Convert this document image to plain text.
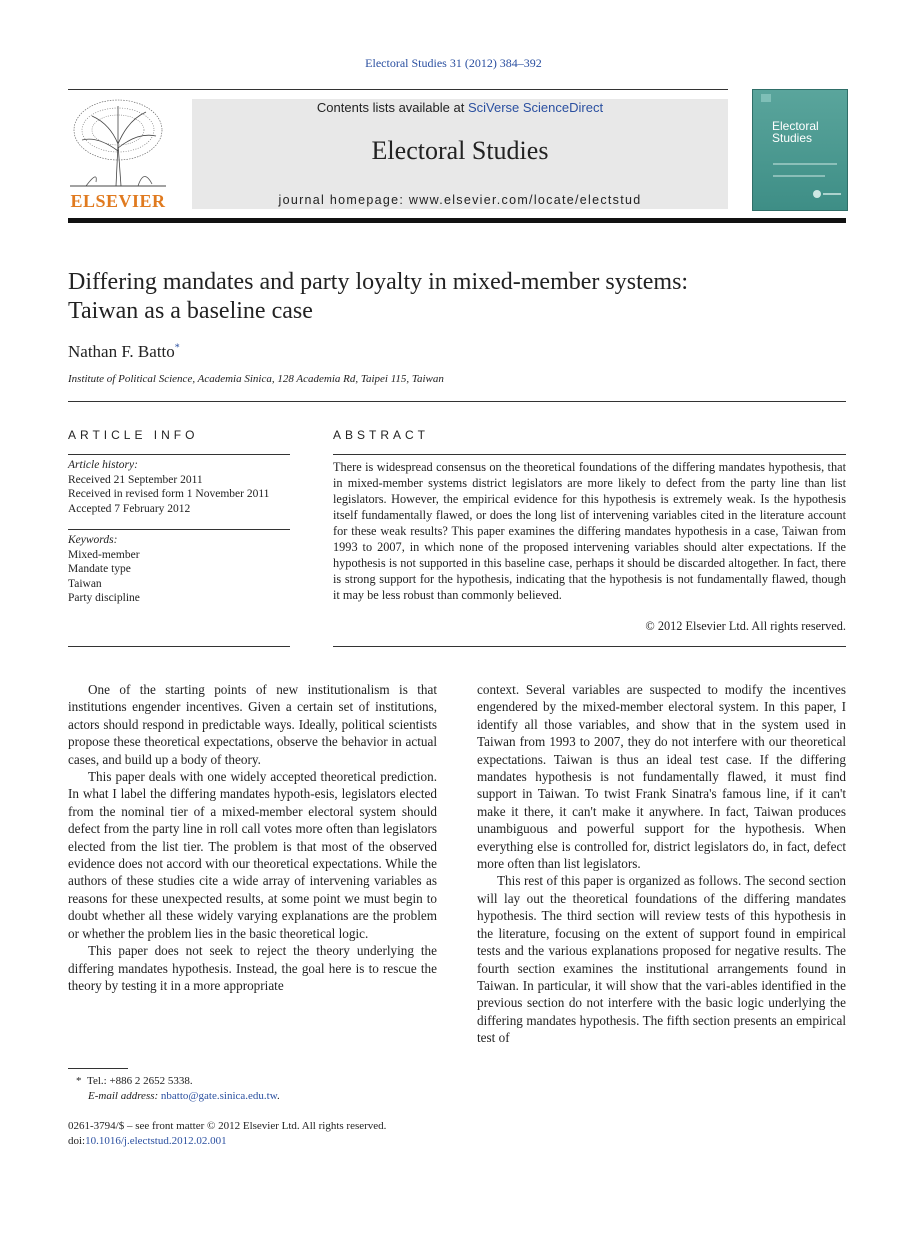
Electoral Studies 31 (2012) 384–392
ELSEVIER
Contents lists available at SciVerse ScienceDirect
Electoral Studies
journal homepage: www.elsevier.com/locate/electstud
Electoral Studies
Differing mandates and party loyalty in mixed-member systems: Taiwan as a baseline case
Nathan F. Batto*
Institute of Political Science, Academia Sinica, 128 Academia Rd, Taipei 115, Taiwan
ARTICLE INFO	ABSTRACT
Article history:
Received 21 September 2011
Received in revised form 1 November 2011
Accepted 7 February 2012
Keywords:
Mixed-member
Mandate type
Taiwan
Party discipline
There is widespread consensus on the theoretical foundations of the differing mandates hypothesis, that in mixed-member systems district legislators are more likely to defect from the party line than list legislators. However, the empirical evidence for this hypothesis is extremely weak. Is the hypothesis itself fundamentally flawed, or does the long list of intervening variables cited in the literature account for these weak results? This paper examines the differing mandates hypothesis in a case, Taiwan from 1993 to 2007, in which none of the proposed intervening variables should alter expectations. If the hypothesis is not supported in this baseline case, perhaps it should be discarded altogether. In fact, there is strong support for the hypothesis, indicating that the hypothesis is not fundamentally flawed, though it may be less robust than commonly believed.
© 2012 Elsevier Ltd. All rights reserved.

One of the starting points of new institutionalism is that institutions engender incentives. Given a certain set of institutions, actors should respond in predictable ways. Ideally, political scientists propose these theoretical expectations, observe the behavior in actual cases, and build up a body of theory.

This paper deals with one widely accepted theoretical prediction. In what I label the differing mandates hypoth-esis, legislators elected from the nominal tier of a mixed-member electoral system should defect from the party line in roll call votes more often than legislators elected from the list tier. The problem is that most of the observed evidence does not accord with our theoretical expectations. While the authors of these studies cite a wide array of intervening variables as reasons for these unexpected results, at some point we must begin to doubt whether all these widely varying explanations are the problem or whether the problem lies in the basic theoretical logic.

This paper does not seek to reject the theory underlying the differing mandates hypothesis. Instead, the goal here is to rescue the theory by testing it in a more appropriate

context. Several variables are suspected to modify the incentives engendered by the mixed-member electoral system. In this paper, I identify all those variables, and show that in the system used in Taiwan from 1993 to 2007, they do not interfere with our theoretical expectations. Taiwan is thus an ideal test case. If the differing mandates hypothesis is not fundamentally flawed, it must find support in Taiwan. To twist Frank Sinatra's famous line, if it can't make it there, it can't make it anywhere. In fact, Taiwan produces unambiguous and powerful support for the hypothesis. When everything else is controlled for, district legislators do, in fact, defect more often than list legislators.

This rest of this paper is organized as follows. The second section will lay out the theoretical foundations of the differing mandates hypothesis. The third section will review tests of this hypothesis in the literature, focusing on the extent of support found in empirical tests and the various explanations proposed for negative results. The fourth section examines the institutional arrangements found in Taiwan. In particular, it will show that the vari-ables identified in the previous section do not interfere with the basic logic underlying the differing mandates hypothesis. The fifth section presents an empirical test of

* Tel.: +886 2 2652 5338.
E-mail address: nbatto@gate.sinica.edu.tw.
0261-3794/$ – see front matter © 2012 Elsevier Ltd. All rights reserved.
doi:10.1016/j.electstud.2012.02.001
